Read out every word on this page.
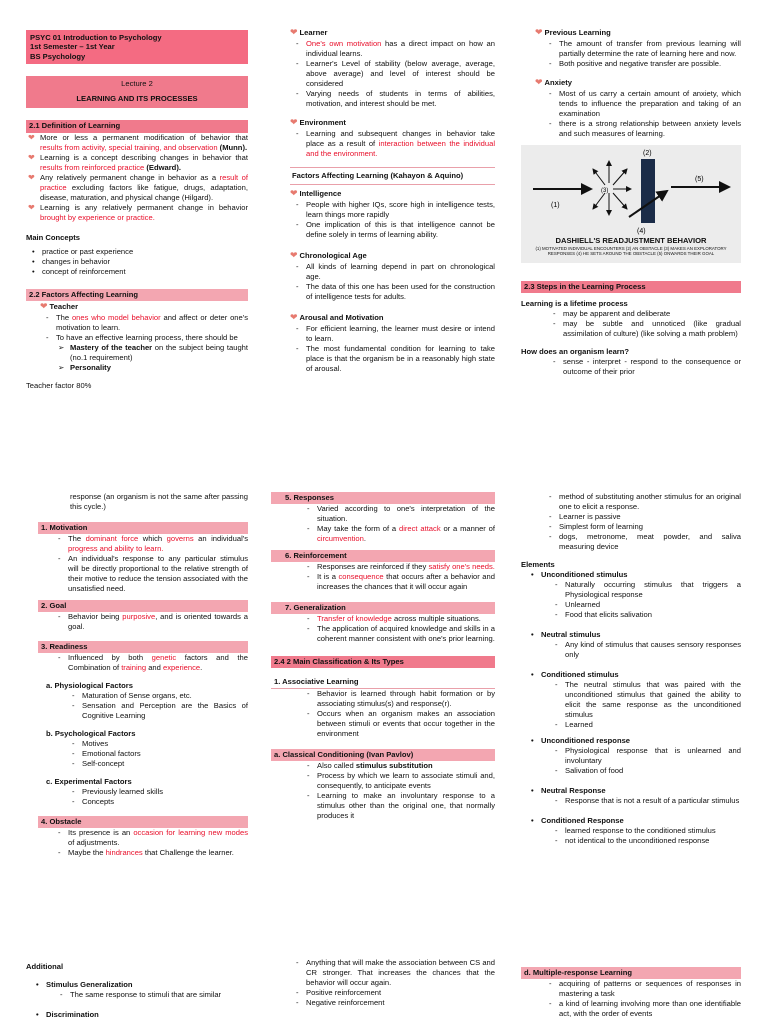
PSYC 01 Introduction to Psychology
1st Semester – 1st Year
BS Psychology
Lecture 2
LEARNING AND ITS PROCESSES
2.1 Definition of Learning
❤ More or less a permanent modification of behavior that results from activity, special training, and observation (Munn).
❤ Learning is a concept describing changes in behavior that results from reinforced practice (Edward).
❤ Any relatively permanent change in behavior as a result of practice excluding factors like fatigue, drugs, adaptation, disease, maturation, and physical change (Hilgard).
❤ Learning is any relatively permanent change in behavior brought by experience or practice.
Main Concepts
• practice or past experience
• changes in behavior
• concept of reinforcement
2.2 Factors Affecting Learning
❤ Teacher
- The ones who model behavior and affect or deter one's motivation to learn.
- To have an effective learning process, there should be
➢ Mastery of the teacher on the subject being taught (no.1 requirement)
➢ Personality
Teacher factor 80%
❤ Learner
- One's own motivation has a direct impact on how an individual learns.
- Learner's Level of stability (below average, average, above average) and level of interest should be considered
- Varying needs of students in terms of abilities, motivation, and interest should be met.
❤ Environment
- Learning and subsequent changes in behavior take place as a result of interaction between the individual and the environment.
Factors Affecting Learning (Kahayon & Aquino)
❤ Intelligence
- People with higher IQs, score high in intelligence tests, learn things more rapidly
- One implication of this is that intelligence cannot be define solely in terms of learning ability.
❤ Chronological Age
- All kinds of learning depend in part on chronological age.
- The data of this one has been used for the construction of intelligence tests for adults.
❤ Arousal and Motivation
- For efficient learning, the learner must desire or intend to learn.
- The most fundamental condition for learning to take place is that the organism be in a reasonably high state of arousal.
❤ Previous Learning
- The amount of transfer from previous learning will partially determine the rate of learning here and now.
- Both positive and negative transfer are possible.
❤ Anxiety
- Most of us carry a certain amount of anxiety, which tends to influence the preparation and taking of an examination
- there is a strong relationship between anxiety levels and such measures of learning.
(1)
(2)
(3)
(4)
(5)
DASHIELL'S READJUSTMENT BEHAVIOR
(1) MOTIVATED INDIVIDUAL ENCOUNTERS (2) AN OBSTACLE (3) MAKES AN EXPLORATORY RESPONSES (4) HE SETS AROUND THE OBSTACLE (5) ONWARDS THEIR GOAL
2.3 Steps in the Learning Process
Learning is a lifetime process
- may be apparent and deliberate
- may be subtle and unnoticed (like gradual assimilation of culture) (like solving a math problem)
How does an organism learn?
- sense - interpret - respond to the consequence or outcome of their prior
response (an organism is not the same after passing this cycle.)
1. Motivation
- The dominant force which governs an individual's progress and ability to learn.
- An individual's response to any particular stimulus will be directly proportional to the relative strength of their motive to reduce the tension associated with the unsatisfied need.
2. Goal
- Behavior being purposive, and is oriented towards a goal.
3. Readiness
- Influenced by both genetic factors and the Combination of training and experience.
a. Physiological Factors
- Maturation of Sense organs, etc.
- Sensation and Perception are the Basics of Cognitive Learning
b. Psychological Factors
- Motives
- Emotional factors
- Self-concept
c. Experimental Factors
- Previously learned skills
- Concepts
4. Obstacle
- Its presence is an occasion for learning new modes of adjustments.
- Maybe the hindrances that Challenge the learner.
5. Responses
- Varied according to one's interpretation of the situation.
- May take the form of a direct attack or a manner of circumvention.
6. Reinforcement
- Responses are reinforced if they satisfy one's needs.
- It is a consequence that occurs after a behavior and increases the chances that it will occur again
7. Generalization
- Transfer of knowledge across multiple situations.
- The application of acquired knowledge and skills in a coherent manner consistent with one's prior learning.
2.4 2 Main Classification & Its Types
1. Associative Learning
- Behavior is learned through habit formation or by associating stimulus(s) and response(r).
- Occurs when an organism makes an association between stimuli or events that occur together in the environment
a. Classical Conditioning (Ivan Pavlov)
- Also called stimulus substitution
- Process by which we learn to associate stimuli and, consequently, to anticipate events
- Learning to make an involuntary response to a stimulus other than the original one, that normally produces it
- method of substituting another stimulus for an original one to elicit a response.
- Learner is passive
- Simplest form of learning
- dogs, metronome, meat powder, and saliva measuring device
Elements
• Unconditioned stimulus
- Naturally occurring stimulus that triggers a Physiological response
- Unlearned
- Food that elicits salivation
• Neutral stimulus
- Any kind of stimulus that causes sensory responses only
• Conditioned stimulus
- The neutral stimulus that was paired with the unconditioned stimulus that gained the ability to elicit the same response as the unconditioned stimulus
- Learned
• Unconditioned response
- Physiological response that is unlearned and involuntary
- Salivation of food
• Neutral Response
- Response that is not a result of a particular stimulus
• Conditioned Response
- learned response to the conditioned stimulus
- not identical to the unconditioned response
Additional
• Stimulus Generalization
- The same response to stimuli that are similar
• Discrimination
- Anything that will make the association between CS and CR stronger. That increases the chances that the behavior will occur again.
- Positive reinforcement
- Negative reinforcement
d. Multiple-response Learning
- acquiring of patterns or sequences of responses in mastering a task
- a kind of learning involving more than one identifiable act, with the order of events
